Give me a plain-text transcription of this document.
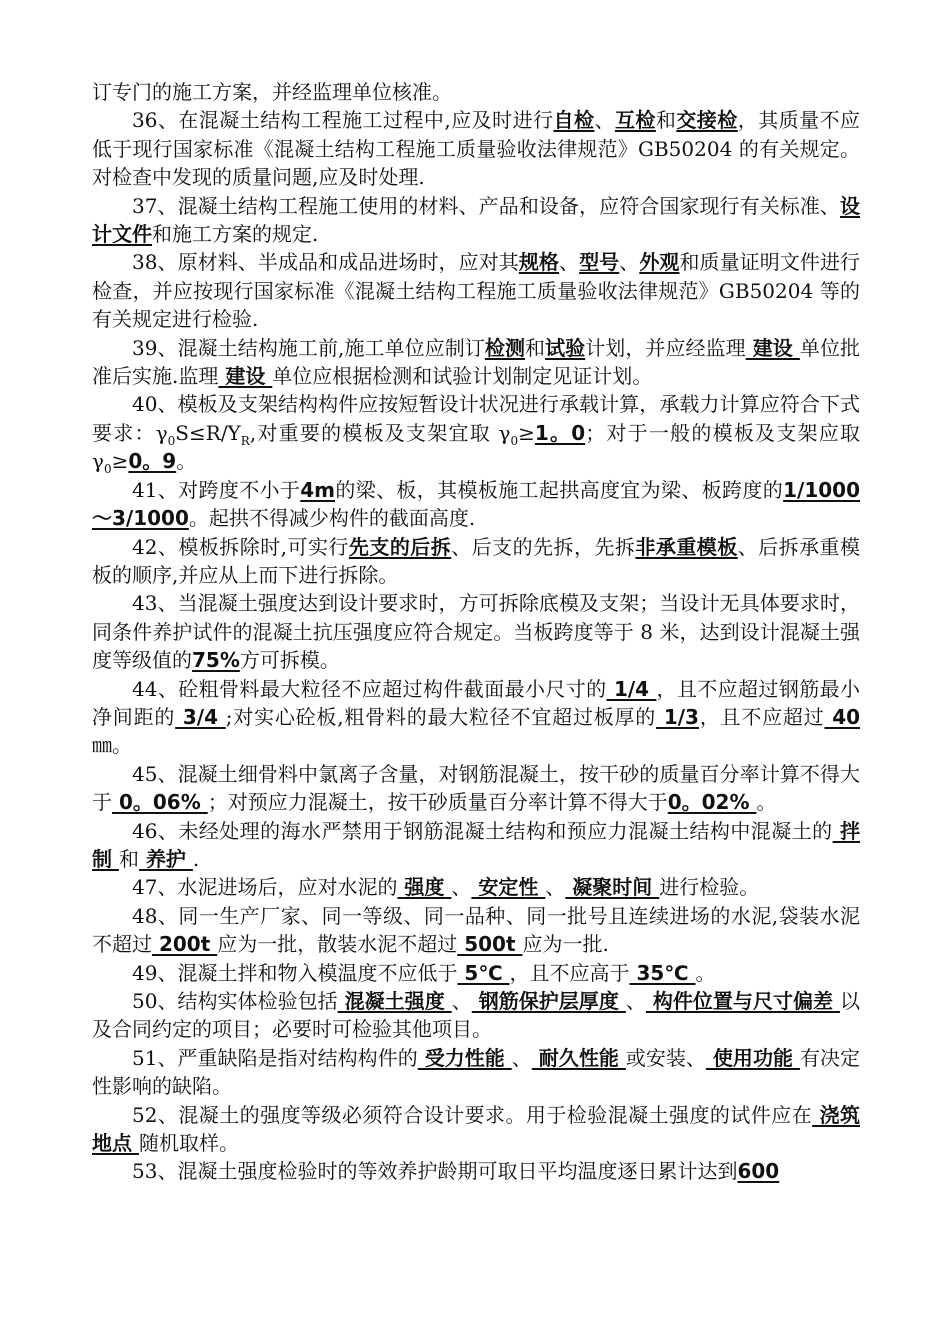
订专门的施工方案，并经监理单位核准。

36、在混凝土结构工程施工过程中,应及时进行自检、互检和交接检，其质量不应低于现行国家标准《混凝土结构工程施工质量验收法律规范》GB50204 的有关规定。对检查中发现的质量问题,应及时处理.

37、混凝土结构工程施工使用的材料、产品和设备，应符合国家现行有关标准、设计文件和施工方案的规定.

38、原材料、半成品和成品进场时，应对其规格、型号、外观和质量证明文件进行检查，并应按现行国家标准《混凝土结构工程施工质量验收法律规范》GB50204 等的有关规定进行检验.

39、混凝土结构施工前,施工单位应制订检测和试验计划，并应经监理 建设 单位批准后实施.监理 建设 单位应根据检测和试验计划制定见证计划。

40、模板及支架结构构件应按短暂设计状况进行承载计算，承载力计算应符合下式要求：$\gamma_0S\le R/Y_R$,对重要的模板及支架宜取 $\gamma_0\ge 1$。0；对于一般的模板及支架应取 $\gamma_0\ge 0$。9。

41、对跨度不小于4m的梁、板，其模板施工起拱高度宜为梁、板跨度的1/1000～3/1000。起拱不得减少构件的截面高度.

42、模板拆除时,可实行先支的后拆、后支的先拆，先拆非承重模板、后拆承重模板的顺序,并应从上而下进行拆除。

43、当混凝土强度达到设计要求时，方可拆除底模及支架；当设计无具体要求时，同条件养护试件的混凝土抗压强度应符合规定。当板跨度等于 8 米，达到设计混凝土强度等级值的75%方可拆模。

44、砼粗骨料最大粒径不应超过构件截面最小尺寸的 1/4 ，且不应超过钢筋最小净间距的 3/4 ;对实心砼板,粗骨料的最大粒径不宜超过板厚的 1/3，且不应超过 40 ㎜。

45、混凝土细骨料中氯离子含量，对钢筋混凝土，按干砂的质量百分率计算不得大于 0。06% ；对预应力混凝土，按干砂质量百分率计算不得大于0。02% 。

46、未经处理的海水严禁用于钢筋混凝土结构和预应力混凝土结构中混凝土的 拌制 和 养护 .

47、水泥进场后，应对水泥的 强度 、 安定性 、 凝聚时间 进行检验。

48、同一生产厂家、同一等级、同一品种、同一批号且连续进场的水泥,袋装水泥不超过 200t 应为一批，散装水泥不超过 500t 应为一批.

49、混凝土拌和物入模温度不应低于 5℃ ，且不应高于 35℃ 。

50、结构实体检验包括 混凝土强度 、 钢筋保护层厚度 、 构件位置与尺寸偏差 以及合同约定的项目；必要时可检验其他项目。

51、严重缺陷是指对结构构件的 受力性能 、 耐久性能 或安装、 使用功能 有决定性影响的缺陷。

52、混凝土的强度等级必须符合设计要求。用于检验混凝土强度的试件应在 浇筑地点 随机取样。

53、混凝土强度检验时的等效养护龄期可取日平均温度逐日累计达到600
